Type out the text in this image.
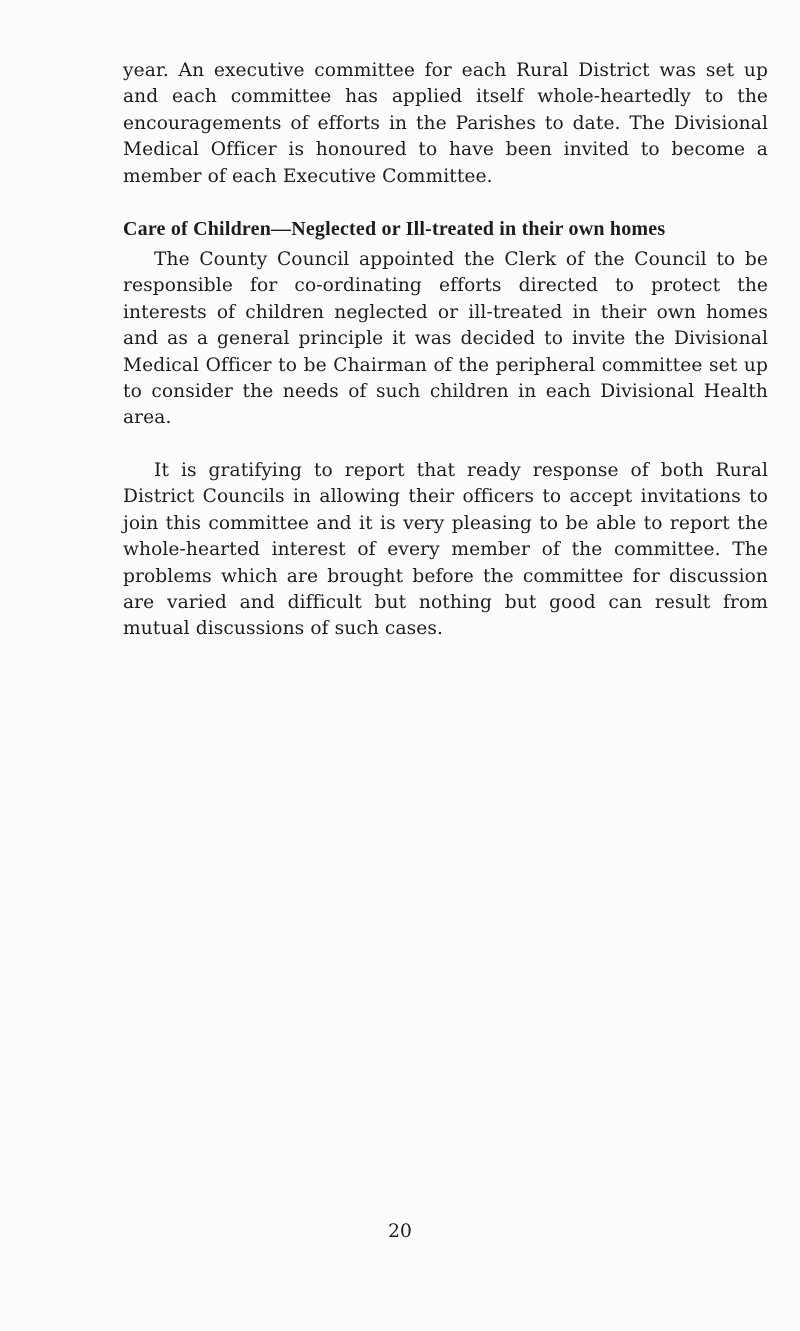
year. An executive committee for each Rural District was set up and each committee has applied itself whole-heartedly to the encouragements of efforts in the Parishes to date. The Divisional Medical Officer is honoured to have been invited to become a member of each Executive Committee.

Care of Children—Neglected or Ill-treated in their own homes

The County Council appointed the Clerk of the Council to be responsible for co-ordinating efforts directed to protect the interests of children neglected or ill-treated in their own homes and as a general principle it was decided to invite the Divisional Medical Officer to be Chairman of the peripheral committee set up to consider the needs of such children in each Divisional Health area.

It is gratifying to report that ready response of both Rural District Councils in allowing their officers to accept invitations to join this committee and it is very pleasing to be able to report the whole-hearted interest of every member of the committee. The problems which are brought before the committee for discussion are varied and difficult but nothing but good can result from mutual discussions of such cases.

20
